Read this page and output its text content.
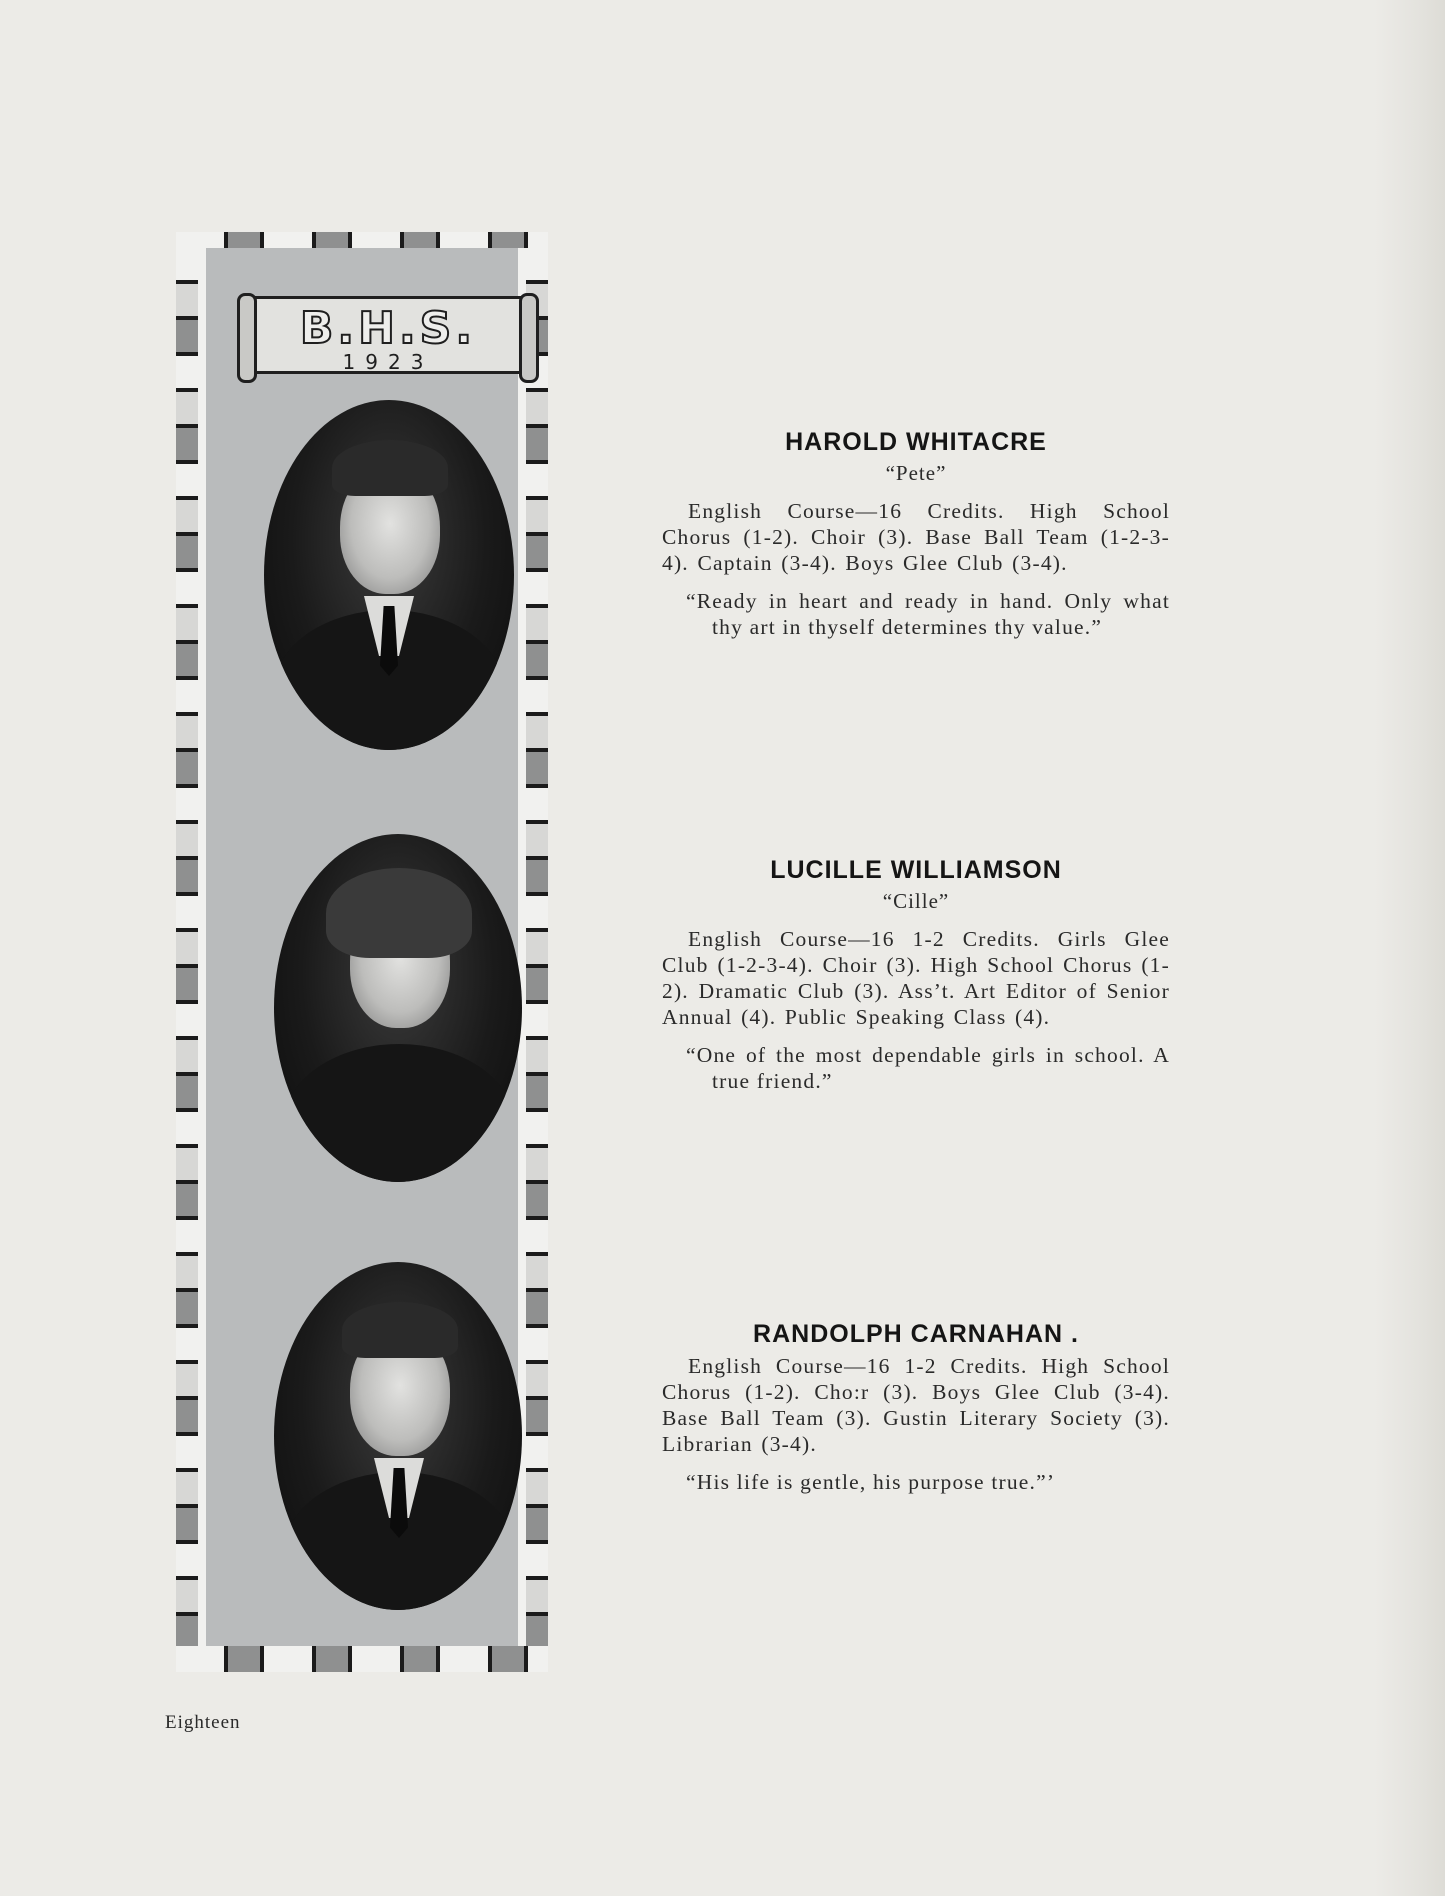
B.H.S.
1923
HAROLD WHITACRE
“Pete”

English Course—16 Credits. High School Chorus (1-2). Choir (3). Base Ball Team (1-2-3-4). Captain (3-4). Boys Glee Club (3-4).

“Ready in heart and ready in hand. Only what thy art in thyself determines thy value.”

LUCILLE WILLIAMSON
“Cille”

English Course—16 1-2 Credits. Girls Glee Club (1-2-3-4). Choir (3). High School Chorus (1-2). Dramatic Club (3). Ass’t. Art Editor of Senior Annual (4). Public Speaking Class (4).

“One of the most dependable girls in school. A true friend.”

RANDOLPH CARNAHAN .

English Course—16 1-2 Credits. High School Chorus (1-2). Cho:r (3). Boys Glee Club (3-4). Base Ball Team (3). Gustin Literary Society (3). Librarian (3-4).

“His life is gentle, his purpose true.”’

Eighteen
